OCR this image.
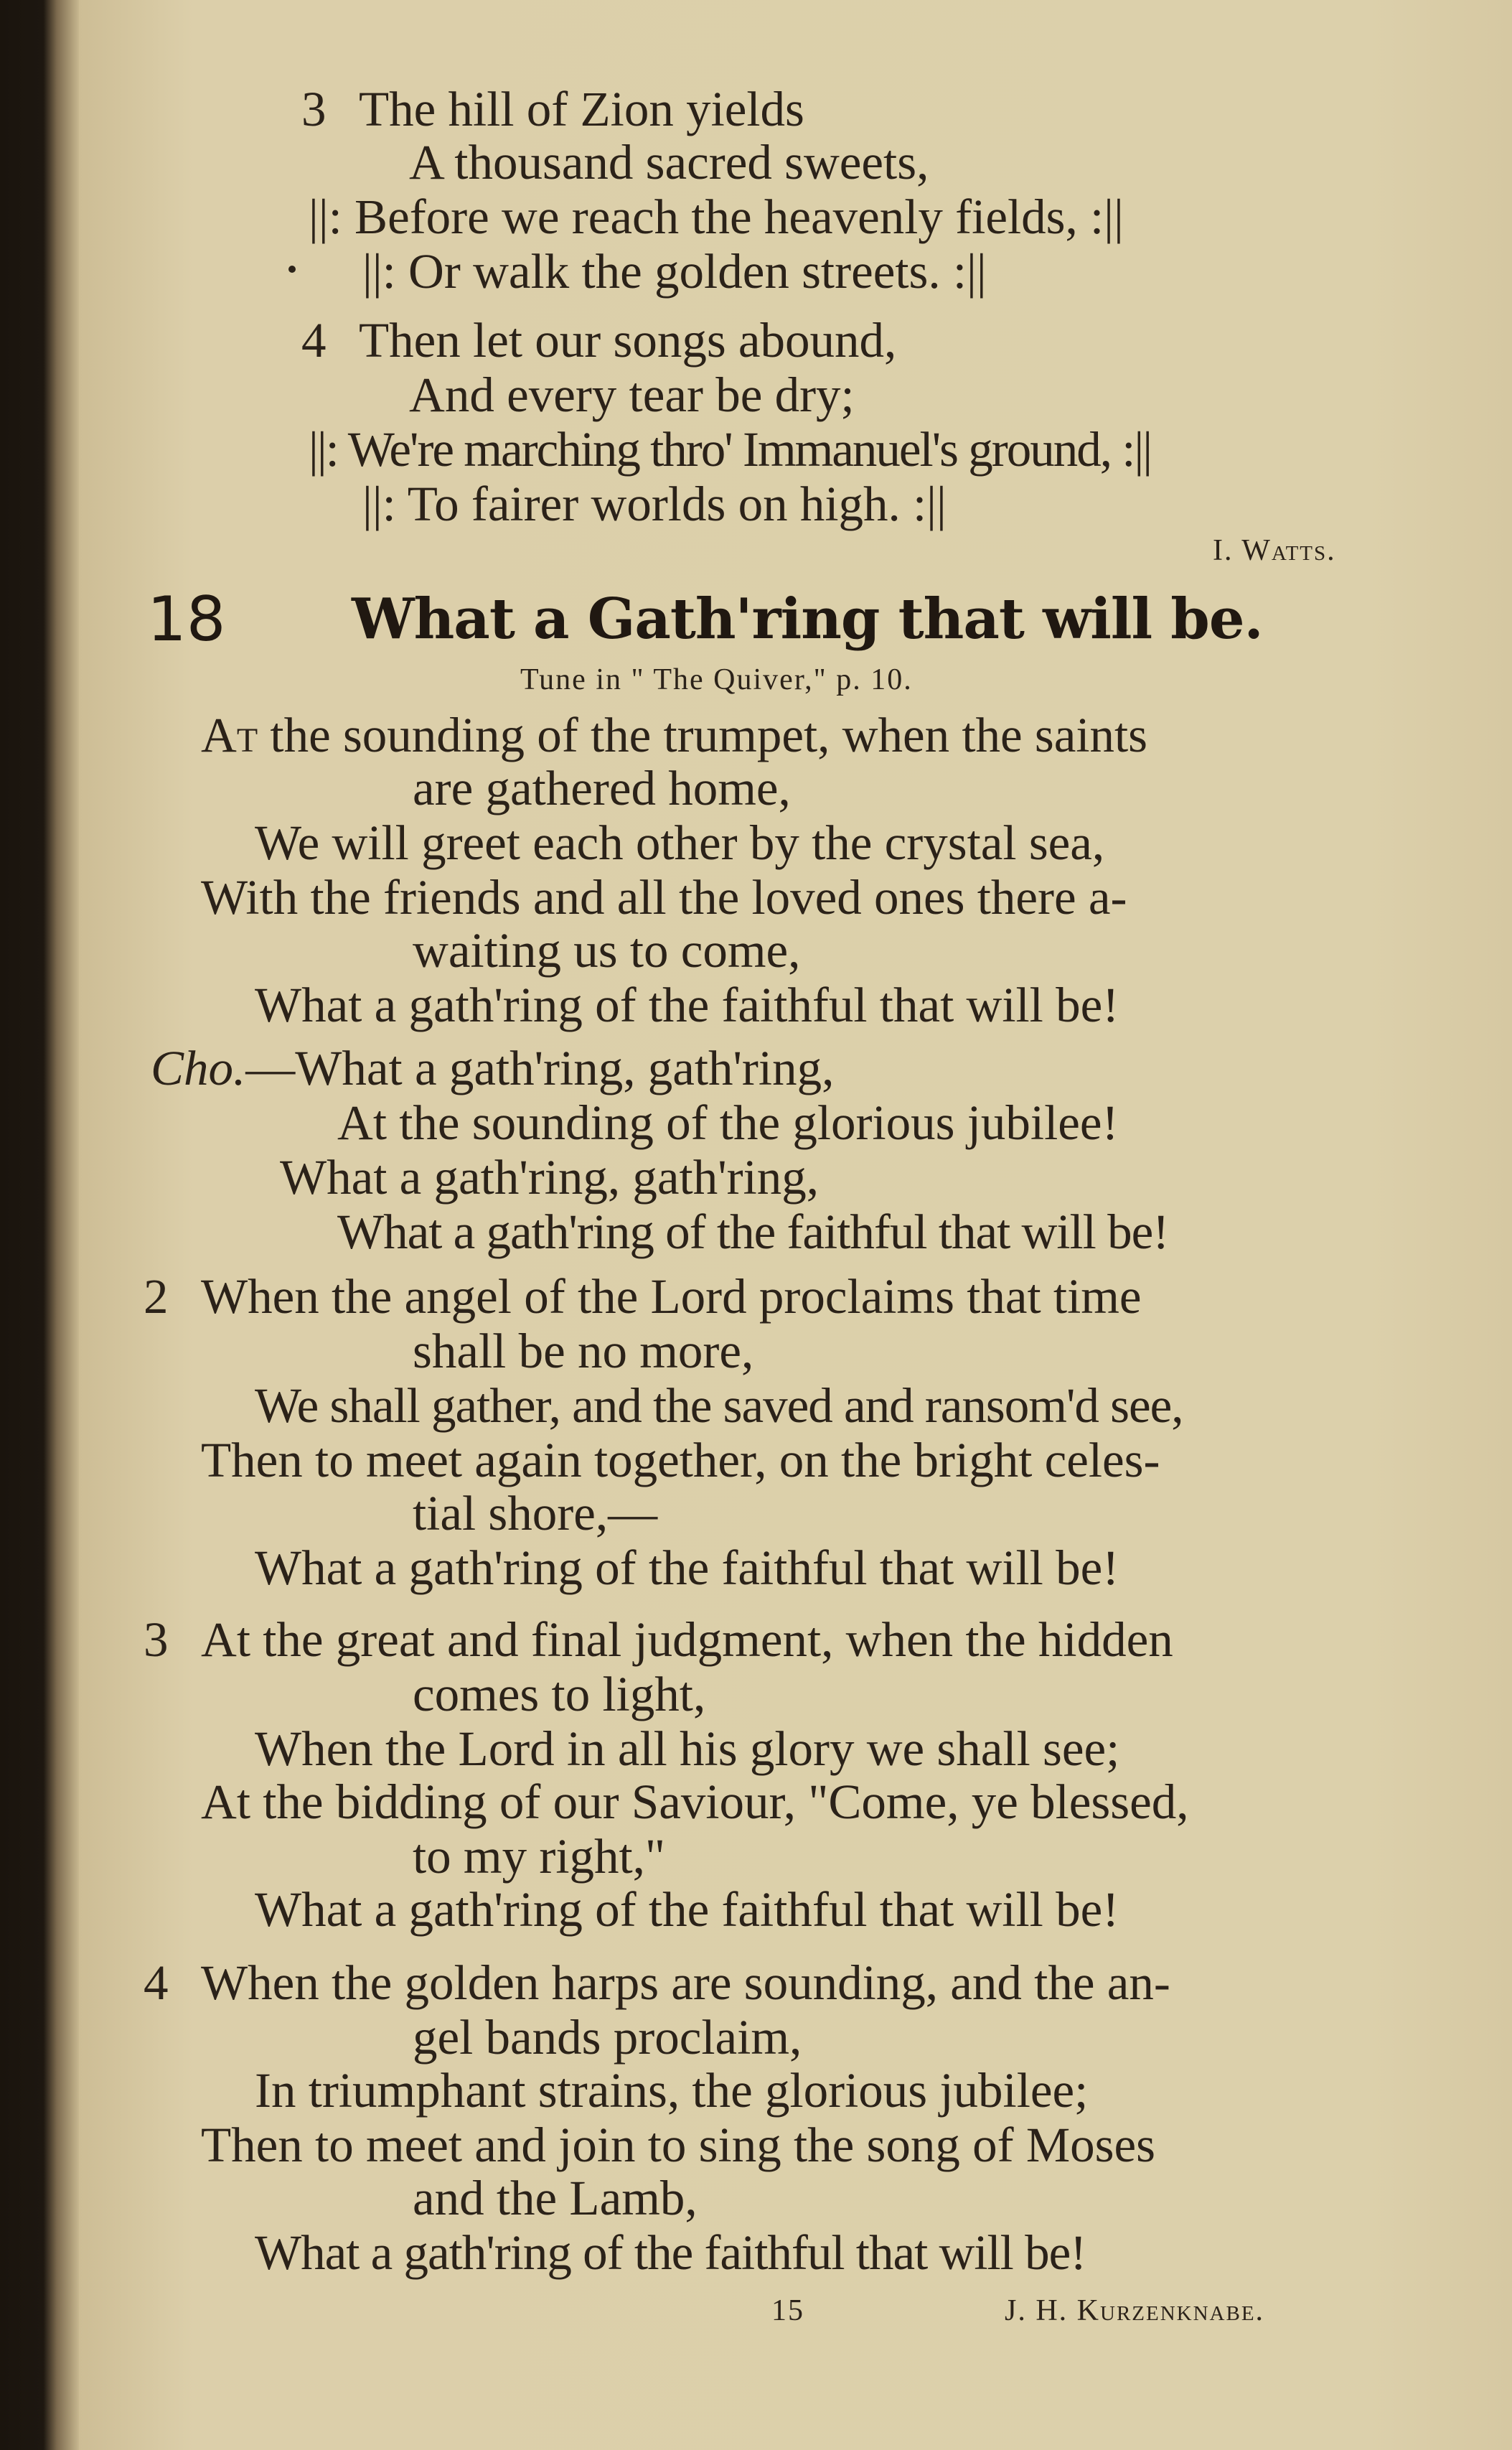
3 The hill of Zion yields
A thousand sacred sweets,
||: Before we reach the heavenly fields, :||
||: Or walk the golden streets. :||
4 Then let our songs abound,
And every tear be dry;
||: We're marching thro' Immanuel's ground, :||
||: To fairer worlds on high. :||
I. Watts.
18 What a Gath'ring that will be.
Tune in " The Quiver," p. 10.
At the sounding of the trumpet, when the saints
are gathered home,
We will greet each other by the crystal sea,
With the friends and all the loved ones there a-
waiting us to come,
What a gath'ring of the faithful that will be!
Cho.—What a gath'ring, gath'ring,
At the sounding of the glorious jubilee!
What a gath'ring, gath'ring,
What a gath'ring of the faithful that will be!
2 When the angel of the Lord proclaims that time
shall be no more,
We shall gather, and the saved and ransom'd see,
Then to meet again together, on the bright celes-
tial shore,—
What a gath'ring of the faithful that will be!
3 At the great and final judgment, when the hidden
comes to light,
When the Lord in all his glory we shall see;
At the bidding of our Saviour, "Come, ye blessed,
to my right,"
What a gath'ring of the faithful that will be!
4 When the golden harps are sounding, and the an-
gel bands proclaim,
In triumphant strains, the glorious jubilee;
Then to meet and join to sing the song of Moses
and the Lamb,
What a gath'ring of the faithful that will be!
15	J. H. Kurzenknabe.
